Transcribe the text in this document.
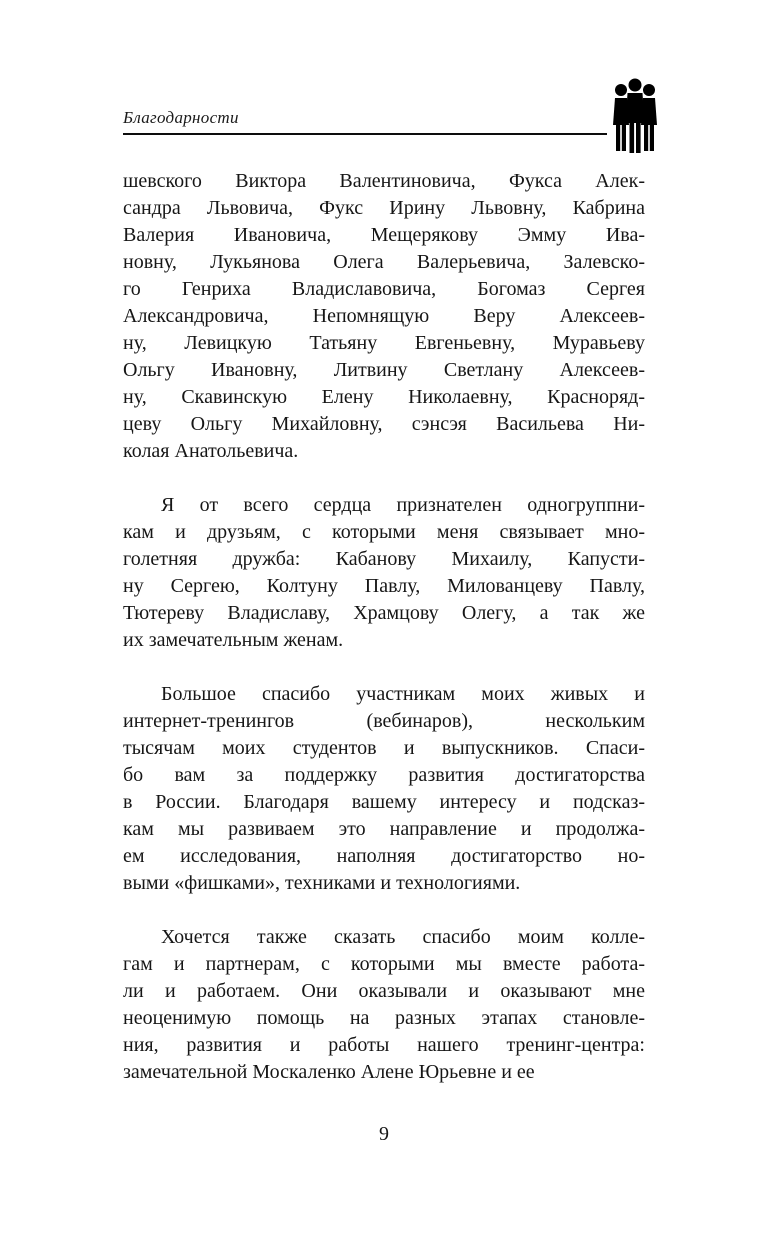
Благодарности

шевского Виктора Валентиновича, Фукса Алек-
сандра Львовича, Фукс Ирину Львовну, Кабрина
Валерия Ивановича, Мещерякову Эмму Ива-
новну, Лукьянова Олега Валерьевича, Залевско-
го Генриха Владиславовича, Богомаз Сергея
Александровича, Непомнящую Веру Алексеев-
ну, Левицкую Татьяну Евгеньевну, Муравьеву
Ольгу Ивановну, Литвину Светлану Алексеев-
ну, Скавинскую Елену Николаевну, Красноряд-
цеву Ольгу Михайловну, сэнсэя Васильева Ни-
колая Анатольевича.

Я от всего сердца признателен одногруппни-
кам и друзьям, с которыми меня связывает мно-
голетняя дружба: Кабанову Михаилу, Капусти-
ну Сергею, Колтуну Павлу, Милованцеву Павлу,
Тютереву Владиславу, Храмцову Олегу, а так же
их замечательным женам.

Большое спасибо участникам моих живых и
интернет-тренингов (вебинаров), нескольким
тысячам моих студентов и выпускников. Спаси-
бо вам за поддержку развития достигаторства
в России. Благодаря вашему интересу и подсказ-
кам мы развиваем это направление и продолжа-
ем исследования, наполняя достигаторство но-
выми «фишками», техниками и технологиями.

Хочется также сказать спасибо моим колле-
гам и партнерам, с которыми мы вместе работа-
ли и работаем. Они оказывали и оказывают мне
неоценимую помощь на разных этапах становле-
ния, развития и работы нашего тренинг-центра:
замечательной Москаленко Алене Юрьевне и ее

9
